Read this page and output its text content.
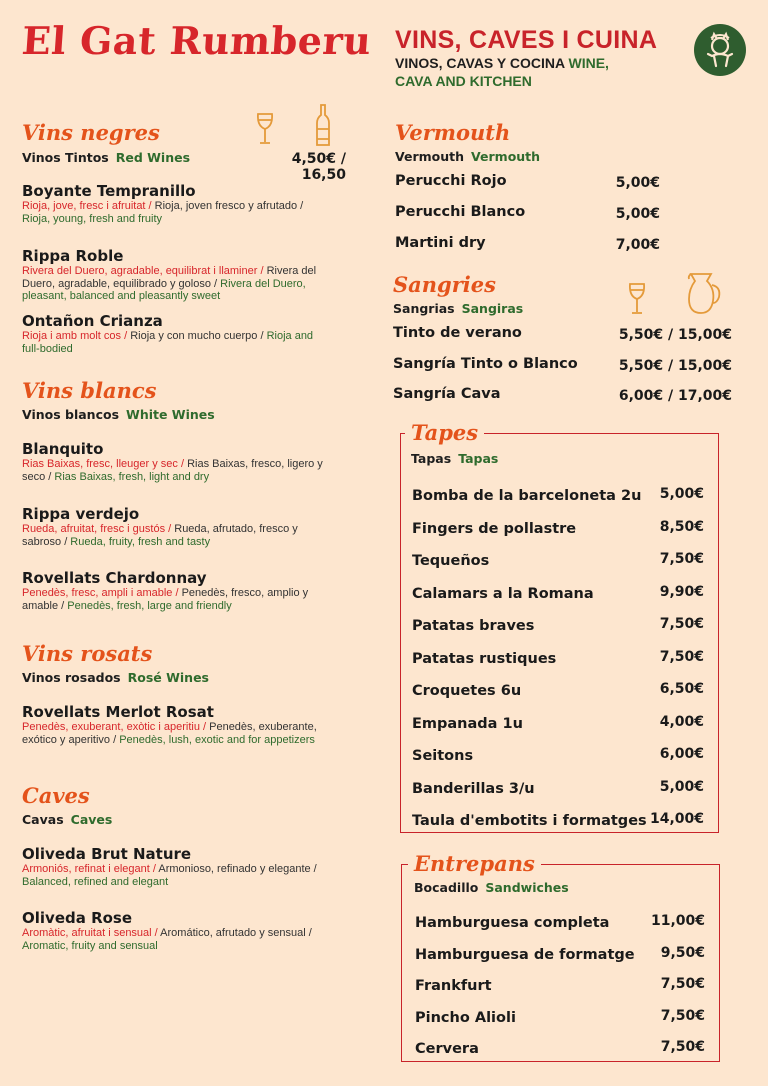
El Gat Rumberu VINS, CAVES I CUINA
VINOS, CAVAS Y COCINA WINE,
CAVA AND KITCHEN
Vins negres
Vinos Tintos Red Wines	4,50€ / 16,50
Boyante Tempranillo
Rioja, jove, fresc i afruitat / Rioja, joven fresco y afrutado / Rioja, young, fresh and fruity
Rippa Roble
Rivera del Duero, agradable, equilibrat i llaminer / Rivera del Duero, agradable, equilibrado y goloso / Rivera del Duero, pleasant, balanced and pleasantly sweet
Ontañon Crianza
Rioja i amb molt cos / Rioja y con mucho cuerpo / Rioja and full-bodied
Vins blancs
Vinos blancos White Wines
Blanquito
Rias Baixas, fresc, lleuger y sec / Rias Baixas, fresco, ligero y seco / Rias Baixas, fresh, light and dry
Rippa verdejo
Rueda, afruitat, fresc i gustós / Rueda, afrutado, fresco y sabroso / Rueda, fruity, fresh and tasty
Rovellats Chardonnay
Penedès, fresc, ampli i amable / Penedès, fresco, amplio y amable / Penedès, fresh, large and friendly
Vins rosats
Vinos rosados Rosé Wines
Rovellats Merlot Rosat
Penedès, exuberant, exòtic i aperitiu / Penedès, exuberante, exótico y aperitivo / Penedès, lush, exotic and for appetizers
Caves
Cavas Caves
Oliveda Brut Nature
Armoniós, refinat i elegant / Armonioso, refinado y elegante / Balanced, refined and elegant
Oliveda Rose
Aromàtic, afruitat i sensual / Aromático, afrutado y sensual / Aromatic, fruity and sensual
Vermouth
Vermouth Vermouth
Perucchi Rojo	5,00€
Perucchi Blanco	5,00€
Martini dry	7,00€
Sangries
Sangrias Sangiras
Tinto de verano	5,50€ / 15,00€
Sangría Tinto o Blanco	5,50€ / 15,00€
Sangría Cava	6,00€ / 17,00€
Tapes
Tapas Tapas
Bomba de la barceloneta 2u 5,00€
Fingers de pollastre	8,50€
Tequeños	7,50€
Calamars a la Romana	9,90€
Patatas braves	7,50€
Patatas rustiques	7,50€
Croquetes 6u	6,50€
Empanada 1u	4,00€
Seitons	6,00€
Banderillas 3/u	5,00€
Taula d'embotits i formatges 14,00€
Entrepans
Bocadillo Sandwiches
Hamburguesa completa	11,00€
Hamburguesa de formatge 9,50€
Frankfurt	7,50€
Pincho Alioli	7,50€
Cervera	7,50€
